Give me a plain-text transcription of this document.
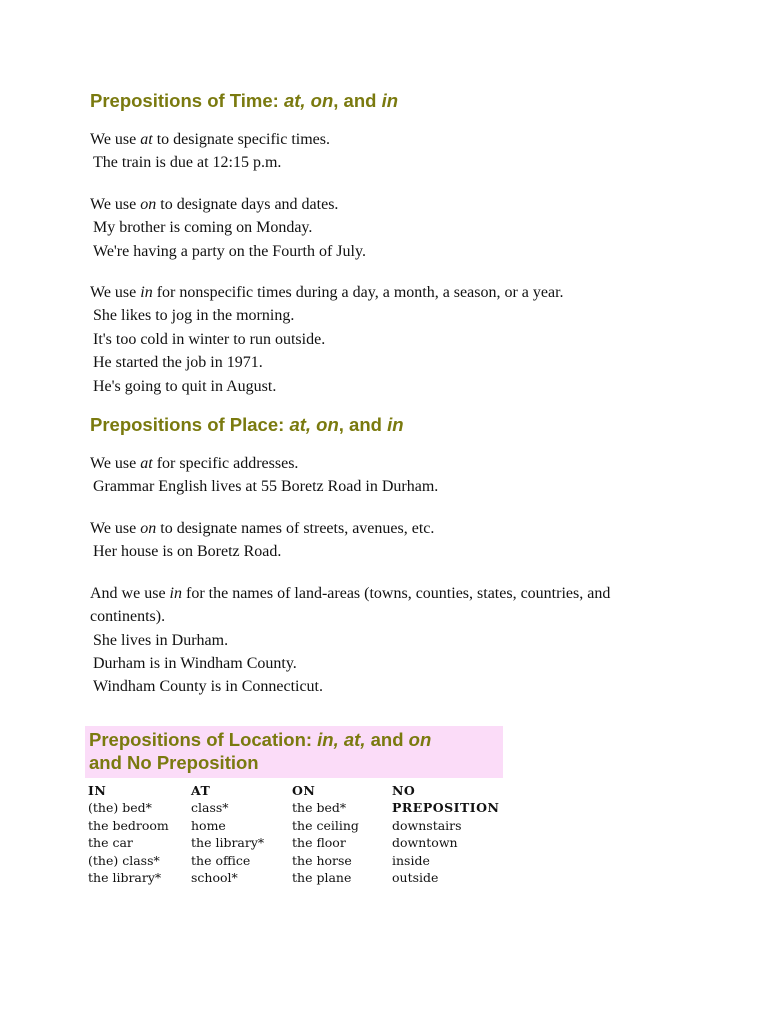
Prepositions of Time: at, on, and in

We use at to designate specific times.

The train is due at 12:15 p.m.

We use on to designate days and dates.

My brother is coming on Monday.

We're having a party on the Fourth of July.

We use in for nonspecific times during a day, a month, a season, or a year.

She likes to jog in the morning.

It's too cold in winter to run outside.

He started the job in 1971.

He's going to quit in August.

Prepositions of Place: at, on, and in

We use at for specific addresses.

Grammar English lives at 55 Boretz Road in Durham.

We use on to designate names of streets, avenues, etc.

Her house is on Boretz Road.

And we use in for the names of land-areas (towns, counties, states, countries, and

continents).

She lives in Durham.

Durham is in Windham County.

Windham County is in Connecticut.

Prepositions of Location: in, at, and on
and No Preposition
IN
(the) bed*
the bedroom
the car
(the) class*
the library*
AT
class*
home
the library*
the office
school*
ON
the bed*
the ceiling
the floor
the horse
the plane
NO
PREPOSITION
downstairs
downtown
inside
outside
